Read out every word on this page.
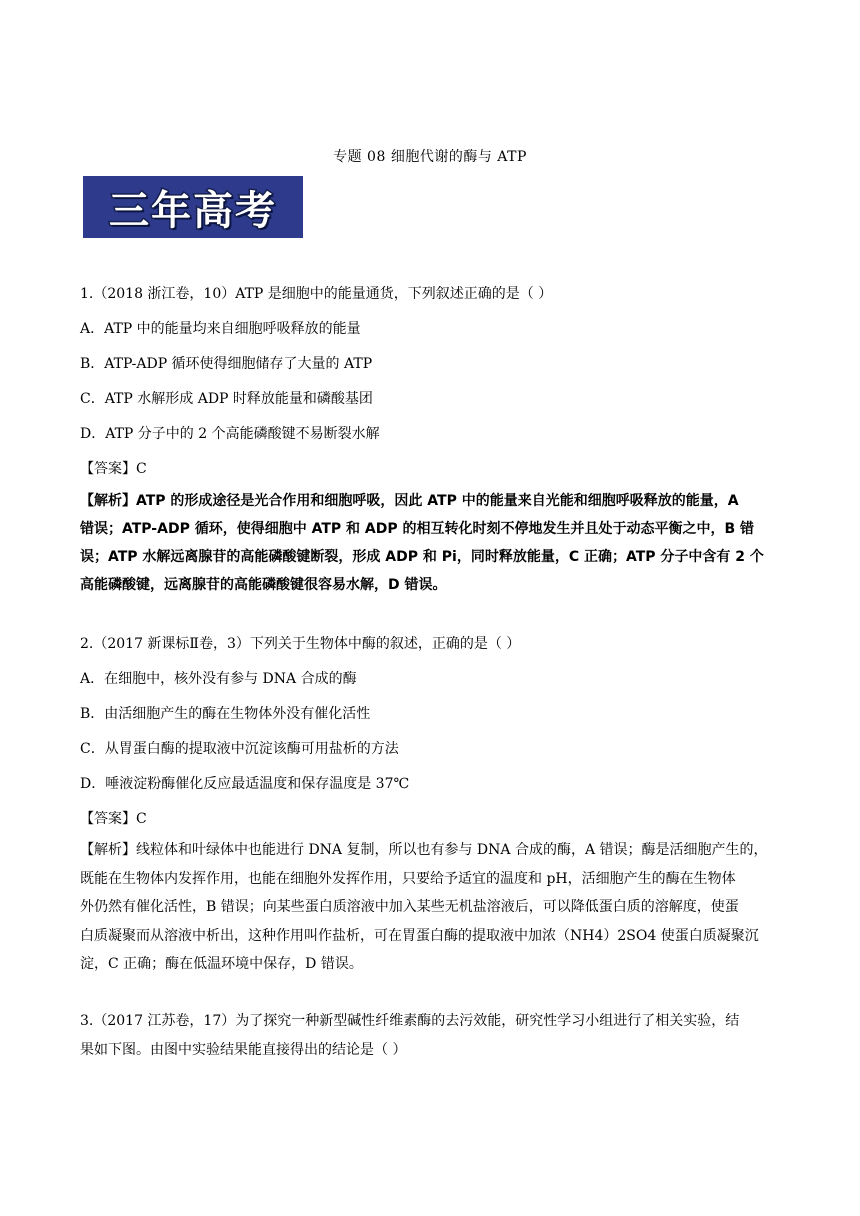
专题 08 细胞代谢的酶与 ATP
三年高考
1.（2018 浙江卷，10）ATP 是细胞中的能量通货，下列叙述正确的是（ ）
A．ATP 中的能量均来自细胞呼吸释放的能量
B．ATP-ADP 循环使得细胞储存了大量的 ATP
C．ATP 水解形成 ADP 时释放能量和磷酸基团
D．ATP 分子中的 2 个高能磷酸键不易断裂水解
【答案】C
【解析】ATP 的形成途径是光合作用和细胞呼吸，因此 ATP 中的能量来自光能和细胞呼吸释放的能量，A
错误；ATP-ADP 循环，使得细胞中 ATP 和 ADP 的相互转化时刻不停地发生并且处于动态平衡之中，B 错
误；ATP 水解远离腺苷的高能磷酸键断裂，形成 ADP 和 Pi，同时释放能量，C 正确；ATP 分子中含有 2 个
高能磷酸键，远离腺苷的高能磷酸键很容易水解，D 错误。
2.（2017 新课标Ⅱ卷，3）下列关于生物体中酶的叙述，正确的是（ ）
A．在细胞中，核外没有参与 DNA 合成的酶
B．由活细胞产生的酶在生物体外没有催化活性
C．从胃蛋白酶的提取液中沉淀该酶可用盐析的方法
D．唾液淀粉酶催化反应最适温度和保存温度是 37℃
【答案】C
【解析】线粒体和叶绿体中也能进行 DNA 复制，所以也有参与 DNA 合成的酶，A 错误；酶是活细胞产生的，
既能在生物体内发挥作用，也能在细胞外发挥作用，只要给予适宜的温度和 pH，活细胞产生的酶在生物体
外仍然有催化活性，B 错误；向某些蛋白质溶液中加入某些无机盐溶液后，可以降低蛋白质的溶解度，使蛋
白质凝聚而从溶液中析出，这种作用叫作盐析，可在胃蛋白酶的提取液中加浓（NH4）2SO4 使蛋白质凝聚沉
淀，C 正确；酶在低温环境中保存，D 错误。
3.（2017 江苏卷，17）为了探究一种新型碱性纤维素酶的去污效能，研究性学习小组进行了相关实验，结
果如下图。由图中实验结果能直接得出的结论是（ ）
